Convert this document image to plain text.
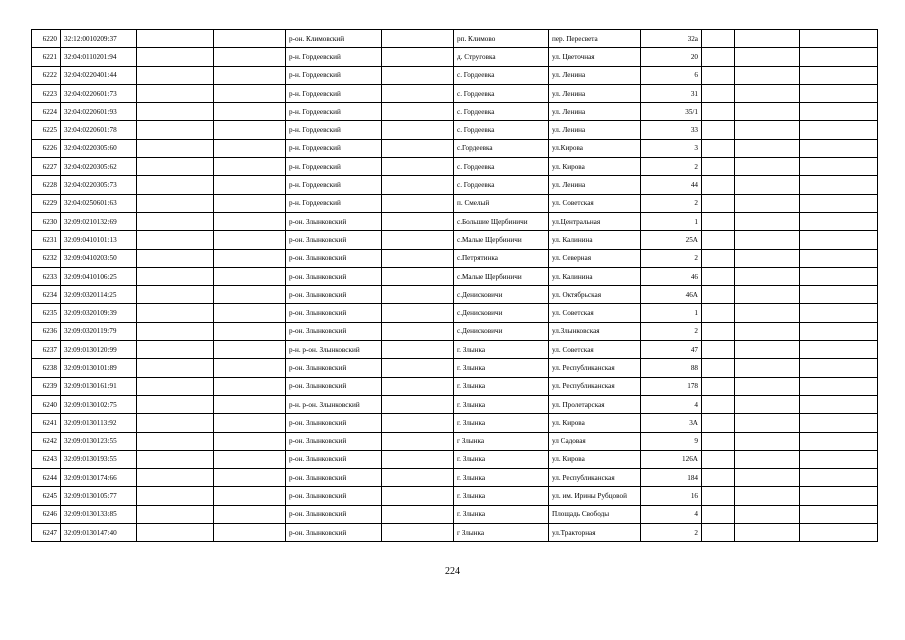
6220	32:12:0010209:37			р-он. Климовский		рп. Климово	пер. Пересвета	32а			
6221	32:04:0110201:94			р-н. Гордеевский		д. Струговка	ул. Цветочная	20			
6222	32:04:0220401:44			р-н. Гордеевский		с. Гордеевка	ул. Ленина	6			
6223	32:04:0220601:73			р-н. Гордеевский		с. Гордеевка	ул. Ленина	31			
6224	32:04:0220601:93			р-н. Гордеевский		с. Гордеевка	ул. Ленина	35/1			
6225	32:04:0220601:78			р-н. Гордеевский		с. Гордеевка	ул. Ленина	33			
6226	32:04:0220305:60			р-н. Гордеевский		с.Гордеевка	ул.Кирова	3			
6227	32:04:0220305:62			р-н. Гордеевский		с. Гордеевка	ул. Кирова	2			
6228	32:04:0220305:73			р-н. Гордеевский		с. Гордеевка	ул. Ленина	44			
6229	32:04:0250601:63			р-н. Гордеевский		п. Смелый	ул. Советская	2			
6230	32:09:0210132:69			р-он. Злынковский		с.Большие Щербиничи	ул.Центральная	1			
6231	32:09:0410101:13			р-он. Злынковский		с.Малые Щербиничи	ул. Калинина	25А			
6232	32:09:0410203:50			р-он. Злынковский		с.Петрятинка	ул. Северная	2			
6233	32:09:0410106:25			р-он. Злынковский		с.Малые Щербиничи	ул. Калинина	46			
6234	32:09:0320114:25			р-он. Злынковский		с.Денисковичи	ул. Октябрьская	46А			
6235	32:09:0320109:39			р-он. Злынковский		с.Денисковичи	ул. Советская	1			
6236	32:09:0320119:79			р-он. Злынковский		с.Денисковичи	ул.Злынковская	2			
6237	32:09:0130120:99			р-н. р-он. Злынковский		г. Злынка	ул. Советская	47			
6238	32:09:0130101:89			р-он. Злынковский		г. Злынка	ул. Республиканская	88			
6239	32:09:0130161:91			р-он. Злынковский		г. Злынка	ул. Республиканская	178			
6240	32:09:0130102:75			р-н. р-он. Злынковский		г. Злынка	ул. Пролетарская	4			
6241	32:09:0130113:92			р-он. Злынковский		г. Злынка	ул. Кирова	3А			
6242	32:09:0130123:55			р-он. Злынковский		г Злынка	ул Садовая	9			
6243	32:09:0130193:55			р-он. Злынковский		г. Злынка	ул. Кирова	126А			
6244	32:09:0130174:66			р-он. Злынковский		г. Злынка	ул. Республиканская	184			
6245	32:09:0130105:77			р-он. Злынковский		г. Злынка	ул. им. Ирины Рубцовой	16			
6246	32:09:0130133:85			р-он. Злынковский		г. Злынка	Площадь Свободы	4			
6247	32:09:0130147:40			р-он. Злынковский		г Злынка	ул.Тракторная	2			
224
